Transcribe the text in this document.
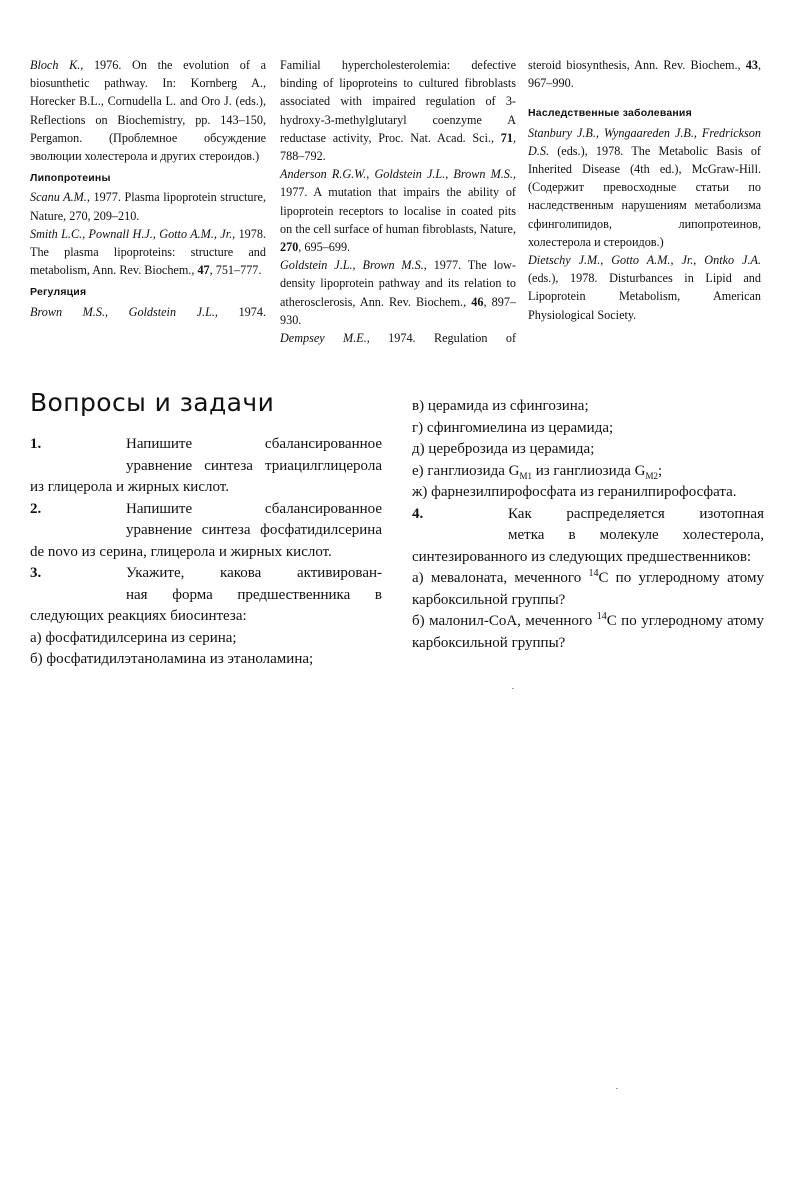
Bloch K., 1976. On the evolution of a biosunthetic pathway. In: Kornberg A., Horecker B.L., Cornudella L. and Oro J. (eds.), Reflections on Biochemistry, pp. 143–150, Pergamon. (Проблемное обсуждение эволюции холестерола и других стероидов.)

Липопротеины

Scanu A.M., 1977. Plasma lipoprotein structure, Nature, 270, 209–210.

Smith L.C., Pownall H.J., Gotto A.M., Jr., 1978. The plasma lipoproteins: structure and metabolism, Ann. Rev. Biochem., 47, 751–777.

Регуляция

Brown M.S., Goldstein J.L., 1974.

Familial hypercholesterolemia: defective binding of lipoproteins to cultured fibroblasts associated with impaired regulation of 3-hydroxy-3-methylglutaryl coenzyme A reductase activity, Proc. Nat. Acad. Sci., 71, 788–792.

Anderson R.G.W., Goldstein J.L., Brown M.S., 1977. A mutation that impairs the ability of lipoprotein receptors to localise in coated pits on the cell surface of human fibroblasts, Nature, 270, 695–699.

Goldstein J.L., Brown M.S., 1977. The low-density lipoprotein pathway and its relation to atherosclerosis, Ann. Rev. Biochem., 46, 897–930.

Dempsey M.E., 1974. Regulation of

steroid biosynthesis, Ann. Rev. Biochem., 43, 967–990.

Наследственные заболевания

Stanbury J.B., Wyngaareden J.B., Fredrickson D.S. (eds.), 1978. The Metabolic Basis of Inherited Disease (4th ed.), McGraw-Hill. (Содержит превосходные статьи по наследственным нарушениям метаболизма сфинголипидов, липопротеинов, холестерола и стероидов.)

Dietschy J.M., Gotto A.M., Jr., Ontko J.A. (eds.), 1978. Disturbances in Lipid and Lipoprotein Metabolism, American Physiological Society.

Вопросы и задачи
1.	Напишите сбалансированное

уравнение синтеза триацилглицерола из глицерола и жирных кислот.

2.	Напишите сбалансированное

уравнение синтеза фосфатидилсерина de novo из серина, глицерола и жирных кислот.

3.	Укажите, какова активирован-

ная форма предшественника в следующих реакциях биосинтеза:

а) фосфатидилсерина из серина;

б) фосфатидилэтаноламина из этаноламина;

в) церамида из сфингозина;

г) сфингомиелина из церамида;

д) цереброзида из церамида;

е) ганглиозида $G_{M1}$ из ганглиозида $G_{M2}$;

ж) фарнезилпирофосфата из геранилпирофосфата.

4.	Как распределяется изотопная

метка в молекуле холестерола, синтезированного из следующих предшественников:

а) мевалоната, меченного $^{14}$C по углеродному атому карбоксильной группы?

б) малонил-CoA, меченного $^{14}$C по углеродному атому карбоксильной группы?
